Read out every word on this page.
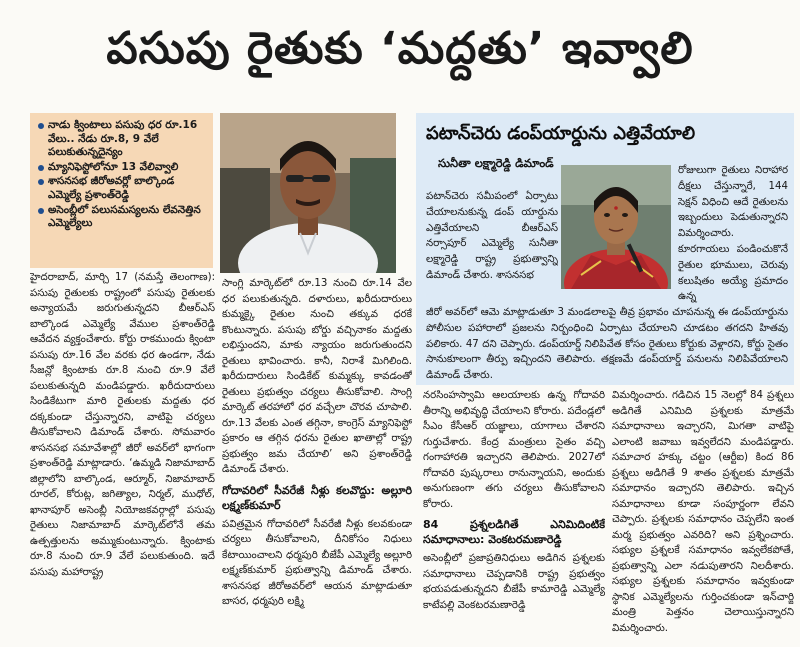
పసుపు రైతుకు ‘మద్దతు’ ఇవ్వాలి
నాడు క్వింటాలు పసుపు ధర రూ.16 వేలు.. నేడు రూ.8, 9 వేలే పలుకుతున్నదైన్యం
మ్యానిఫెస్టోలోనూ 13 వేలివ్వాలి
శాసనసభ జీరోఅవర్లో బాల్కొండ ఎమ్మెల్యే ప్రశాంత్‌రెడ్డి
అసెంబ్లీలో పలుసమస్యలను లేవనెత్తిన ఎమ్మెల్యేలు
పటాన్‌చెరు డంప్‌యార్డును ఎత్తివేయాలి
సునీతా లక్ష్మారెడ్డి డిమాండ్
పటాన్‌చెరు సమీపంలో ఏర్పాటు చేయాలనుకున్న డంప్ యార్డును ఎత్తివేయాలని బీఆర్‌ఎస్ నర్సాపూర్ ఎమ్మెల్యే సునీతా లక్ష్మారెడ్డి రాష్ట్ర ప్రభుత్వాన్ని డిమాండ్ చేశారు. శాసనసభ
రోజులుగా రైతులు నిరాహార దీక్షలు చేస్తున్నారే, 144 సెక్షన్ విధించి ఆదే రైతులను ఇబ్బందులు పెడుతున్నారని విమర్శించారు. కూరగాయలు పండించుకొనే రైతుల భూములు, చెరువు కలుషితం అయ్యే ప్రమాదం ఉన్న
జీరో అవర్‌లో ఆమె మాట్లాడుతూ 3 మండలాలపై తీవ్ర ప్రభావం చూపనున్న ఈ డంప్‌యార్డును పోలీసుల పహారాలో ప్రజలను నిర్బంధించి ఏర్పాటు చేయాలని చూడటం తగదని హితవు పలికారు. 47 దని చెప్పారు. డంప్‌యార్డ్ నిలిపివేత కోసం రైతులు కోర్టుకు వెళ్లారని, కోర్టు సైతం సానుకూలంగా తీర్పు ఇచ్చిందని తెలిపారు. తక్షణమే డంప్‌యార్డ్ పనులను నిలిపివేయాలని డిమాండ్ చేశారు.

హైదరాబాద్, మార్చి 17 (నమస్తే తెలంగాణ): పసుపు రైతులకు రాష్ట్రంలో పసుపు రైతులకు అన్యాయమే జరుగుతున్నదని బీఆర్‌ఎస్ బాల్కొండ ఎమ్మెల్యే వేముల ప్రశాంత్‌రెడ్డి ఆవేదన వ్యక్తంచేశారు. కోర్టు రాకముందు క్వింటా పసుపు రూ.16 వేల వరకు ధర ఉండగా, నేడు సీజన్లో క్వింటాకు రూ.8 నుంచి రూ.9 వేలే పలుకుతున్నది మండిపడ్డారు. ఖరీదుదారులు సిండికేటుగా మారి రైతులకు మద్దతు ధర దక్కకుండా చేస్తున్నారని, వాటిపై చర్యలు తీసుకోవాలని డిమాండ్ చేశారు. సోమవారం శాసనసభ సమావేశాల్లో జీరో అవర్‌లో భాగంగా ప్రశాంత్‌రెడ్డి మాట్లాడారు. ‘ఉమ్మడి నిజామాబాద్ జిల్లాలోని బాల్కొండ, ఆర్మూర్, నిజామాబాద్ రూరల్, కోరుట్ల, జగిత్యాల, నిర్మల్, ముధోల్, ఖానాపూర్ అసెంబ్లీ నియోజకవర్గాల్లో పసుపు రైతులు నిజామాబాద్ మార్కెట్‌లోనే తమ ఉత్పత్తులను అమ్ముకుంటున్నారు. క్వింటాకు రూ.8 నుంచి రూ.9 వేలే పలుకుతుంది. ఇదే పసుపు మహారాష్ట్ర

సాంగ్లి మార్కెట్‌లో రూ.13 నుంచి రూ.14 వేల ధర పలుకుతున్నది. దళారులు, ఖరీదుదారులు కుమ్మక్కై రైతుల నుంచి తక్కువ ధరకే కొంటున్నారు. పసుపు బోర్డు వచ్చినాకం మద్దతు లభిస్తుందని, మాకు న్యాయం జరుగుతుందని రైతులు భావించారు. కానీ, నిరాశే మిగిలింది. ఖరీదుదారులు సిండికేట్ కుమ్మక్కు కావడంతో రైతులు ప్రభుత్వం చర్యలు తీసుకోవాలి. సాంగ్లి మార్కెట్ తరహాలో ధర వచ్చేలా చొరవ చూపాలి. రూ.13 వేలకు ఎంత తగ్గినా, కాంగ్రెస్ మ్యానిఫెస్టో ప్రకారం ఆ తగ్గిన ధరను రైతుల ఖాతాల్లో రాష్ట్ర ప్రభుత్వం జమ చేయాలి’ అని ప్రశాంత్‌రెడ్డి డిమాండ్ చేశారు.

గోదావరిలో సీవరేజీ నీళ్లు కలవొద్దు: అల్లూరి లక్ష్మణ్‌కుమార్

పవిత్రమైన గోదావరిలో సీవరేజీ నీళ్లు కలవకుండా చర్యలు తీసుకోవాలని, దీనికోసం నిధులు కేటాయించాలని ధర్మపురి బీజేపీ ఎమ్మెల్యే అల్లూరి లక్ష్మణ్‌కుమార్ ప్రభుత్వాన్ని డిమాండ్ చేశారు. శాసనసభ జీరోఅవర్‌లో ఆయన మాట్లాడుతూ బాసర, ధర్మపురి లక్ష్మి

నరసింహస్వామి ఆలయాలకు ఉన్న గోదావరి తీరాన్ని అభివృద్ధి చేయాలని కోరారు. పదేండ్లలో సీఎం కేసీఆర్ యజ్ఞాలు, యాగాలు చేశారని గుర్తుచేశారు. కేంద్ర మంత్రులు సైతం వచ్చి గంగాహారతి ఇచ్చారని తెలిపారు. 2027లో గోదావరి పుష్కరాలు రానున్నాయని, అందుకు అనుగుణంగా తగు చర్యలు తీసుకోవాలని కోరారు.

84 ప్రశ్నలడిగితే ఎనిమిదింటికే సమాధానాలు: వెంకటరమణారెడ్డి

అసెంబ్లీలో ప్రజాప్రతినిధులు అడిగిన ప్రశ్నలకు సమాధానాలు చెప్పడానికి రాష్ట్ర ప్రభుత్వం భయపడుతున్నదని బీజేపీ కామారెడ్డి ఎమ్మెల్యే కాటేపల్లి వెంకటరమణారెడ్డి

విమర్శించారు. గడిచిన 15 నెలల్లో 84 ప్రశ్నలు అడిగితే ఎనిమిది ప్రశ్నలకు మాత్రమే సమాధానాలు ఇచ్చారని, మిగతా వాటిపై ఎలాంటి జవాబు ఇవ్వలేదని మండిపడ్డారు. సమాచార హక్కు చట్టం (ఆర్టీఐ) కింద 86 ప్రశ్నలు అడిగితే 9 శాతం ప్రశ్నలకు మాత్రమే సమాధానం ఇచ్చారని తెలిపారు. ఇచ్చిన సమాధానాలు కూడా సంపూర్ణంగా లేవని చెప్పారు. ప్రశ్నలకు సమాధానం చెప్పలేని ఇంత మర్మ ప్రభుత్వం ఎవరిది? అని ప్రశ్నించారు. సభ్యుల ప్రశ్నలకే సమాధానం ఇవ్వలేకపోతే, ప్రభుత్వాన్ని ఎలా నడుపుతారని నిలదీశారు. సభ్యుల ప్రశ్నలకు సమాధానం ఇవ్వకుండా స్థానిక ఎమ్మెల్యేలను గుర్తించకుండా ఇన్‌చార్జి మంత్రి పెత్తనం చెలాయిస్తున్నారని విమర్శించారు.
